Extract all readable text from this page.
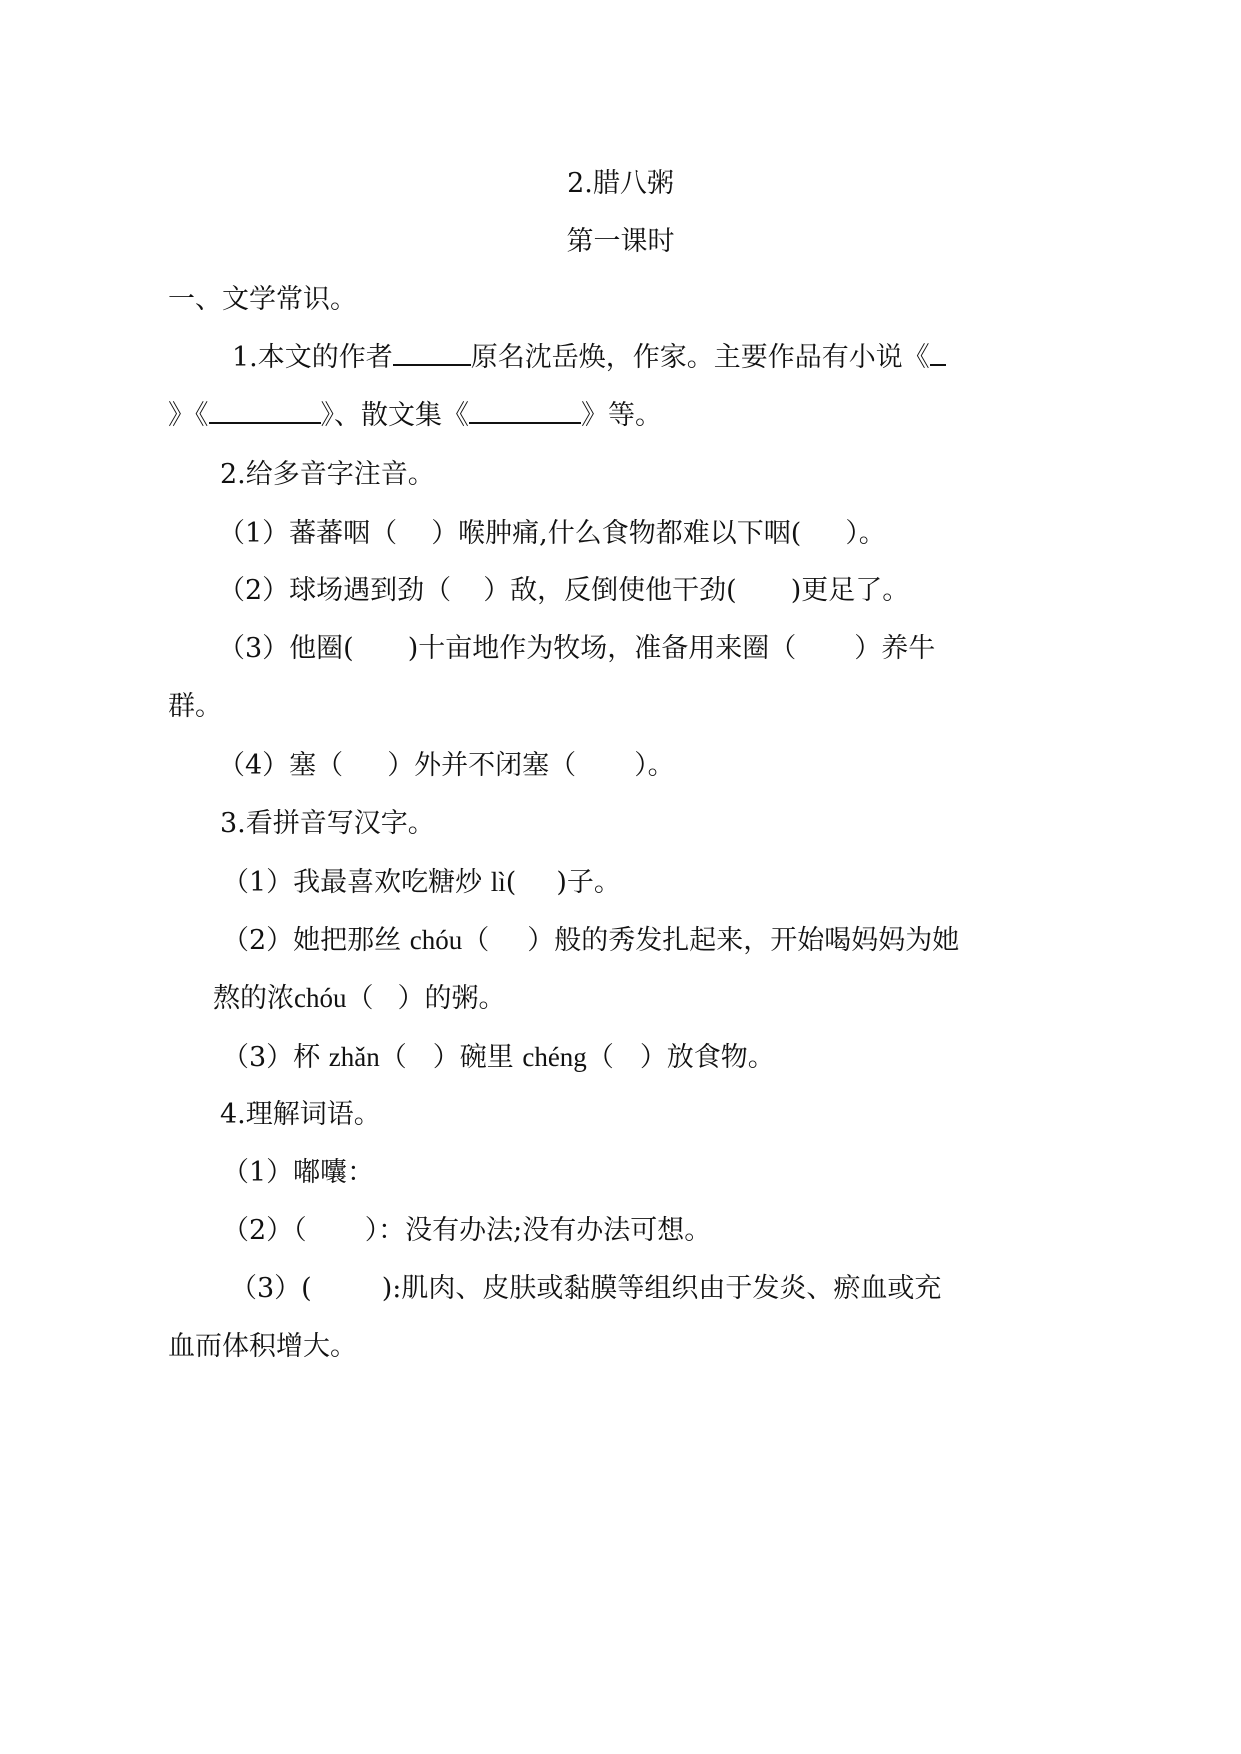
2.腊八粥
第一课时
一、文学常识。
1.本文的作者	原名沈岳焕，作家。主要作品有小说《
》《	》、散文集《	》等。
2.给多音字注音。
（1）蕃蕃咽（ ）喉肿痛,什么食物都难以下咽( ）。
（2）球场遇到劲（ ）敌，反倒使他干劲( )更足了。
（3）他圈( )十亩地作为牧场，准备用来圈（ ）养牛
群。
（4）塞（ ）外并不闭塞（ ）。
3.看拼音写汉字。
（1）我最喜欢吃糖炒 lì( )子。
（2）她把那丝 chóu（ ）般的秀发扎起来，开始喝妈妈为她
熬的浓chóu（ ）的粥。
（3）杯 zhǎn（ ）碗里 chéng（ ）放食物。
4.理解词语。
（1）嘟囔：
（2）（ ）：没有办法;没有办法可想。
（3）(	):肌肉、皮肤或黏膜等组织由于发炎、瘀血或充
血而体积增大。
